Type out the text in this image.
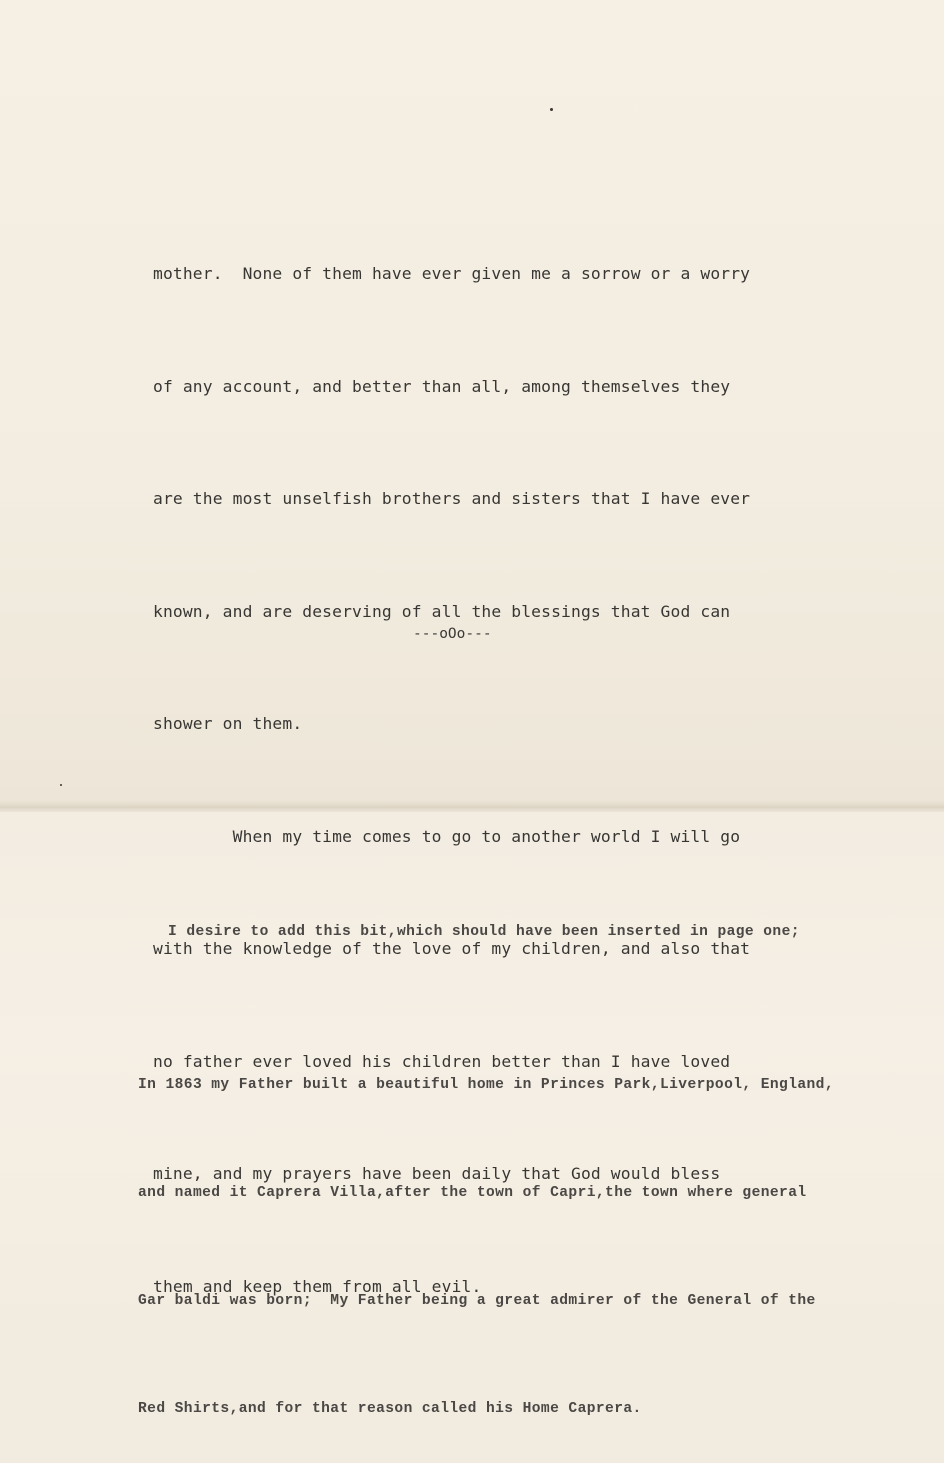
mother.  None of them have ever given me a sorrow or a worry

of any account, and better than all, among themselves they

are the most unselfish brothers and sisters that I have ever

known, and are deserving of all the blessings that God can

shower on them.

When my time comes to go to another world I will go

with the knowledge of the love of my children, and also that

no father ever loved his children better than I have loved

mine, and my prayers have been daily that God would bless

them and keep them from all evil.

---oOo---
I desire to add this bit,which should have been inserted in page one;

In 1863 my Father built a beautiful home in Princes Park,Liverpool, England,

and named it Caprera Villa,after the town of Capri,the town where general

Gar baldi was born;  My Father being a great admirer of the General of the

Red Shirts,and for that reason called his Home Caprera.
